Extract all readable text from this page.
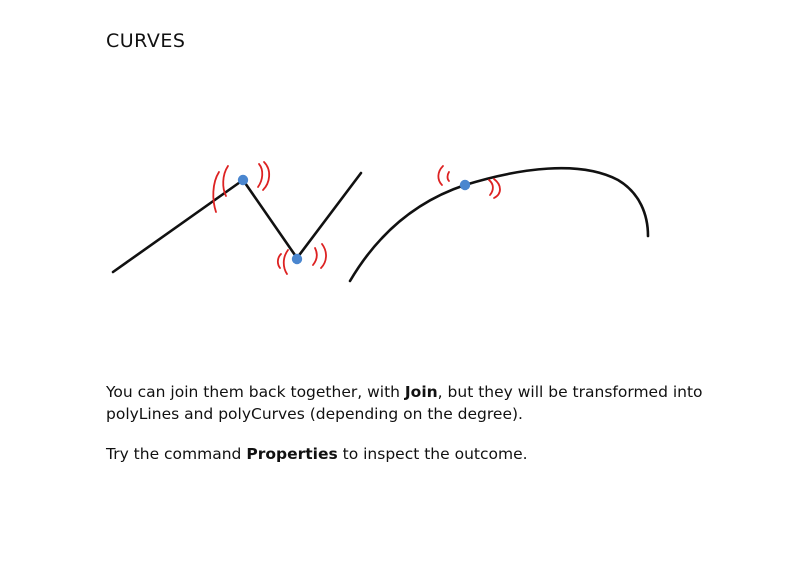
CURVES

You can join them back together, with Join, but they will be transformed into polyLines and polyCurves (depending on the degree).

Try the command Properties to inspect the outcome.
